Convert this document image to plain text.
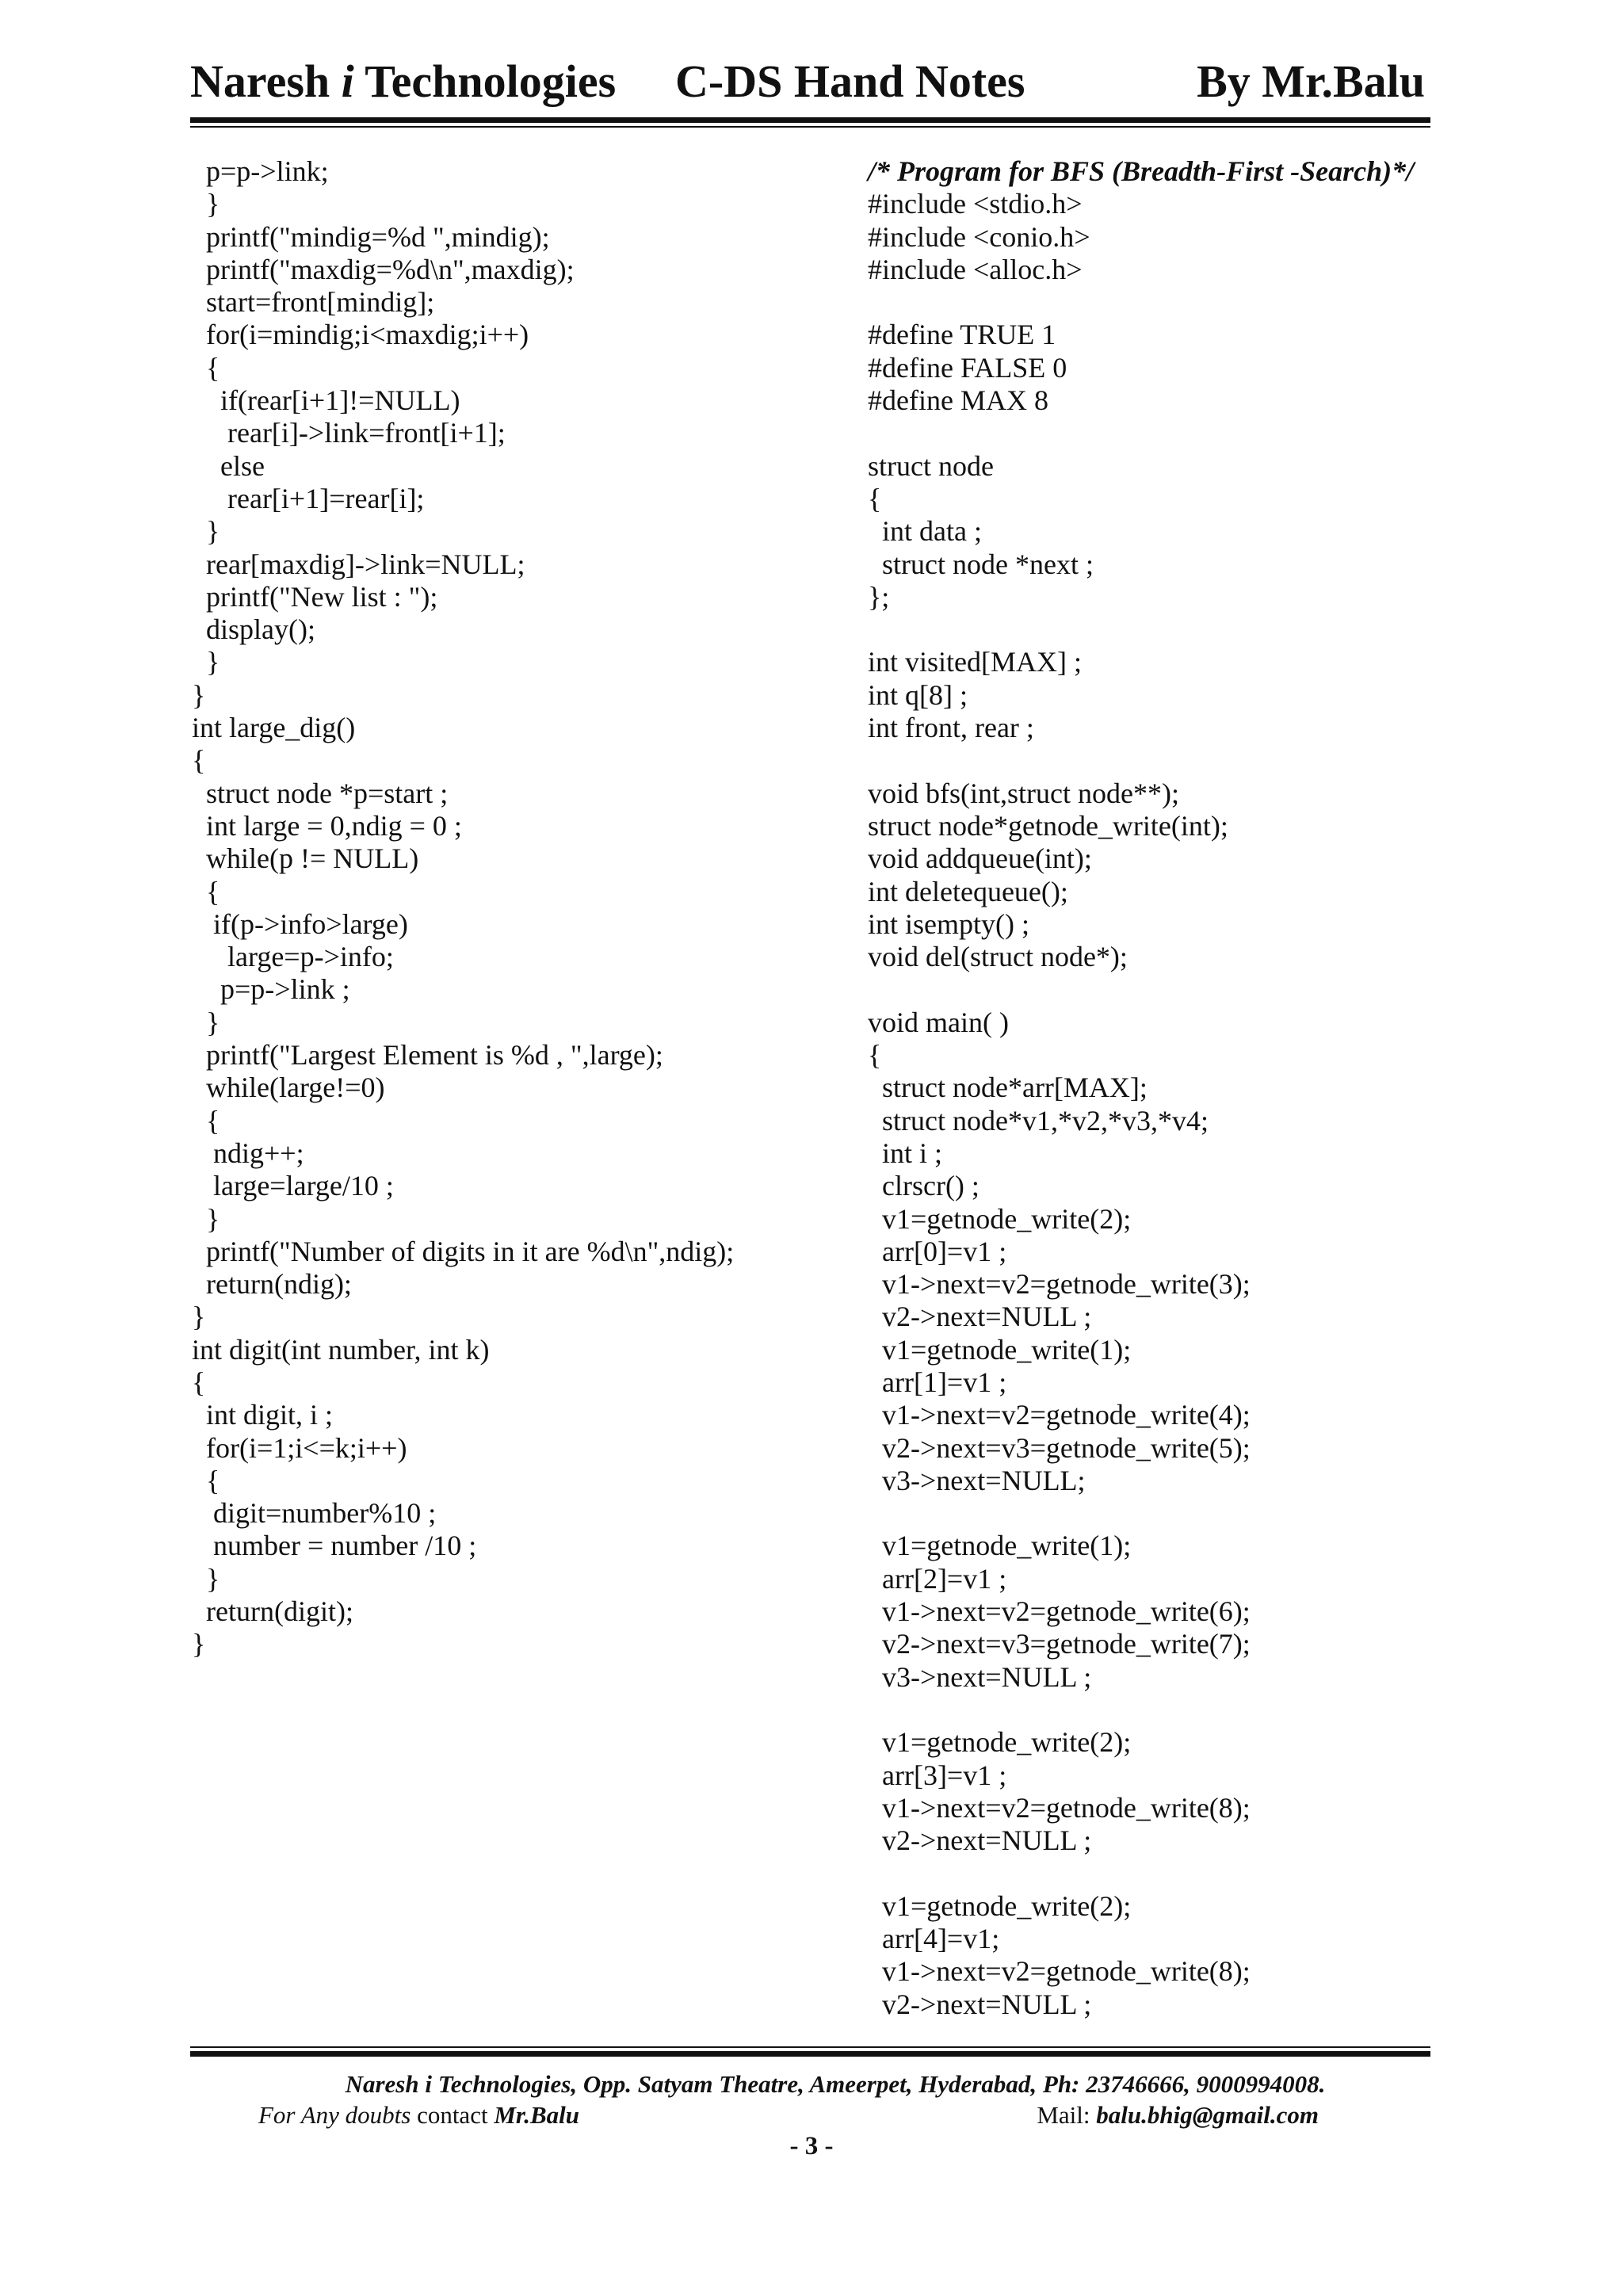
Naresh i Technologies C-DS Hand Notes	By Mr.Balu
p=p->link;
}
printf("mindig=%d ",mindig);
printf("maxdig=%d\n",maxdig);
start=front[mindig];
for(i=mindig;i<maxdig;i++)
{
if(rear[i+1]!=NULL)
rear[i]->link=front[i+1];
else
rear[i+1]=rear[i];
}
rear[maxdig]->link=NULL;
printf("New list : ");
display();
}
}
int large_dig()
{
struct node *p=start ;
int large = 0,ndig = 0 ;
while(p != NULL)
{
if(p->info>large)
large=p->info;
p=p->link ;
}
printf("Largest Element is %d , ",large);
while(large!=0)
{
ndig++;
large=large/10 ;
}
printf("Number of digits in it are %d\n",ndig);
return(ndig);
}
int digit(int number, int k)
{
int digit, i ;
for(i=1;i<=k;i++)
{
digit=number%10 ;
number = number /10 ;
}
return(digit);
}
/* Program for BFS (Breadth-First -Search)*/
#include <stdio.h>
#include <conio.h>
#include <alloc.h>
#define TRUE 1
#define FALSE 0
#define MAX 8
struct node
{
int data ;
struct node *next ;
};
int visited[MAX] ;
int q[8] ;
int front, rear ;
void bfs(int,struct node**);
struct node*getnode_write(int);
void addqueue(int);
int deletequeue();
int isempty() ;
void del(struct node*);
void main( )
{
struct node*arr[MAX];
struct node*v1,*v2,*v3,*v4;
int i ;
clrscr() ;
v1=getnode_write(2);
arr[0]=v1 ;
v1->next=v2=getnode_write(3);
v2->next=NULL ;
v1=getnode_write(1);
arr[1]=v1 ;
v1->next=v2=getnode_write(4);
v2->next=v3=getnode_write(5);
v3->next=NULL;
v1=getnode_write(1);
arr[2]=v1 ;
v1->next=v2=getnode_write(6);
v2->next=v3=getnode_write(7);
v3->next=NULL ;
v1=getnode_write(2);
arr[3]=v1 ;
v1->next=v2=getnode_write(8);
v2->next=NULL ;
v1=getnode_write(2);
arr[4]=v1;
v1->next=v2=getnode_write(8);
v2->next=NULL ;
Naresh i Technologies, Opp. Satyam Theatre, Ameerpet, Hyderabad, Ph: 23746666, 9000994008.
For Any doubts contact Mr.Balu	Mail: balu.bhig@gmail.com
- 3 -
